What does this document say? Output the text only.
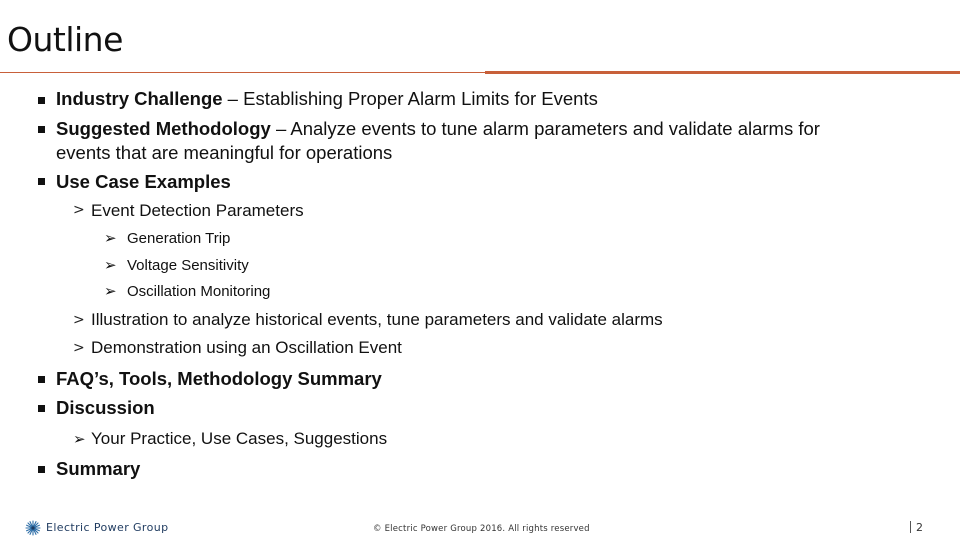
Outline
Industry Challenge – Establishing Proper Alarm Limits for Events
Suggested Methodology – Analyze events to tune alarm parameters and validate alarms for
events that are meaningful for operations
Use Case Examples
> Event Detection Parameters
➢ Generation Trip
➢ Voltage Sensitivity
➢ Oscillation Monitoring
> Illustration to analyze historical events, tune parameters and validate alarms
> Demonstration using an Oscillation Event
FAQ’s, Tools, Methodology Summary
Discussion
➢ Your Practice, Use Cases, Suggestions
Summary
Electric Power Group	© Electric Power Group 2016. All rights reserved	2
